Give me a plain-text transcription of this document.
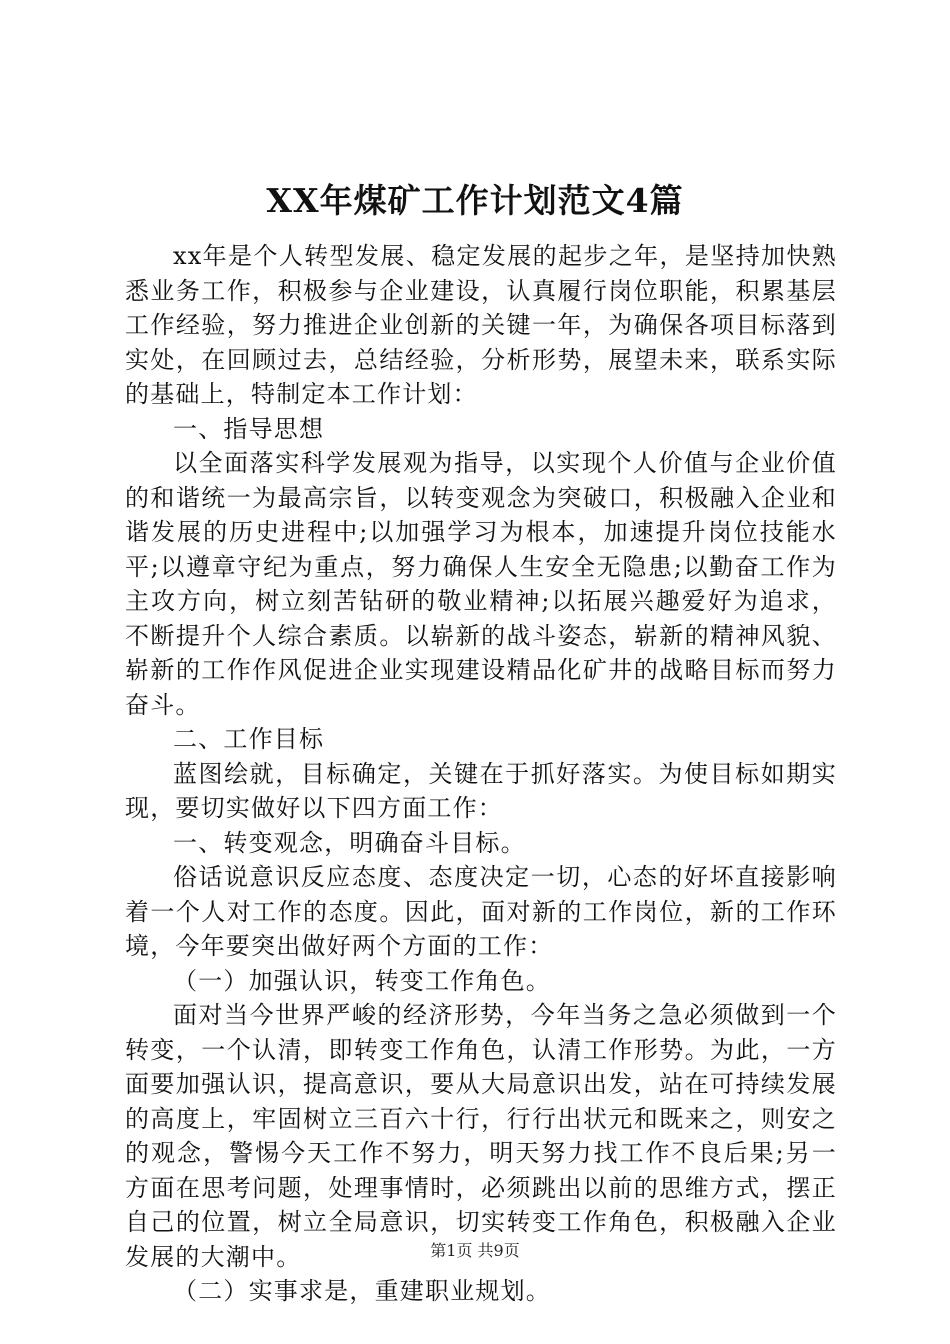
XX年煤矿工作计划范文4篇

xx年是个人转型发展、稳定发展的起步之年，是坚持加快熟悉业务工作，积极参与企业建设，认真履行岗位职能，积累基层工作经验，努力推进企业创新的关键一年，为确保各项目标落到实处，在回顾过去，总结经验，分析形势，展望未来，联系实际的基础上，特制定本工作计划：

一、指导思想

以全面落实科学发展观为指导，以实现个人价值与企业价值的和谐统一为最高宗旨，以转变观念为突破口，积极融入企业和谐发展的历史进程中;以加强学习为根本，加速提升岗位技能水平;以遵章守纪为重点，努力确保人生安全无隐患;以勤奋工作为主攻方向，树立刻苦钻研的敬业精神;以拓展兴趣爱好为追求，不断提升个人综合素质。以崭新的战斗姿态，崭新的精神风貌、崭新的工作作风促进企业实现建设精品化矿井的战略目标而努力奋斗。

二、工作目标

蓝图绘就，目标确定，关键在于抓好落实。为使目标如期实现，要切实做好以下四方面工作：

一、转变观念，明确奋斗目标。

俗话说意识反应态度、态度决定一切，心态的好坏直接影响着一个人对工作的态度。因此，面对新的工作岗位，新的工作环境，今年要突出做好两个方面的工作：

（一）加强认识，转变工作角色。

面对当今世界严峻的经济形势，今年当务之急必须做到一个转变，一个认清，即转变工作角色，认清工作形势。为此，一方面要加强认识，提高意识，要从大局意识出发，站在可持续发展的高度上，牢固树立三百六十行，行行出状元和既来之，则安之的观念，警惕今天工作不努力，明天努力找工作不良后果;另一方面在思考问题，处理事情时，必须跳出以前的思维方式，摆正自己的位置，树立全局意识，切实转变工作角色，积极融入企业发展的大潮中。

（二）实事求是，重建职业规划。

第1页 共9页
